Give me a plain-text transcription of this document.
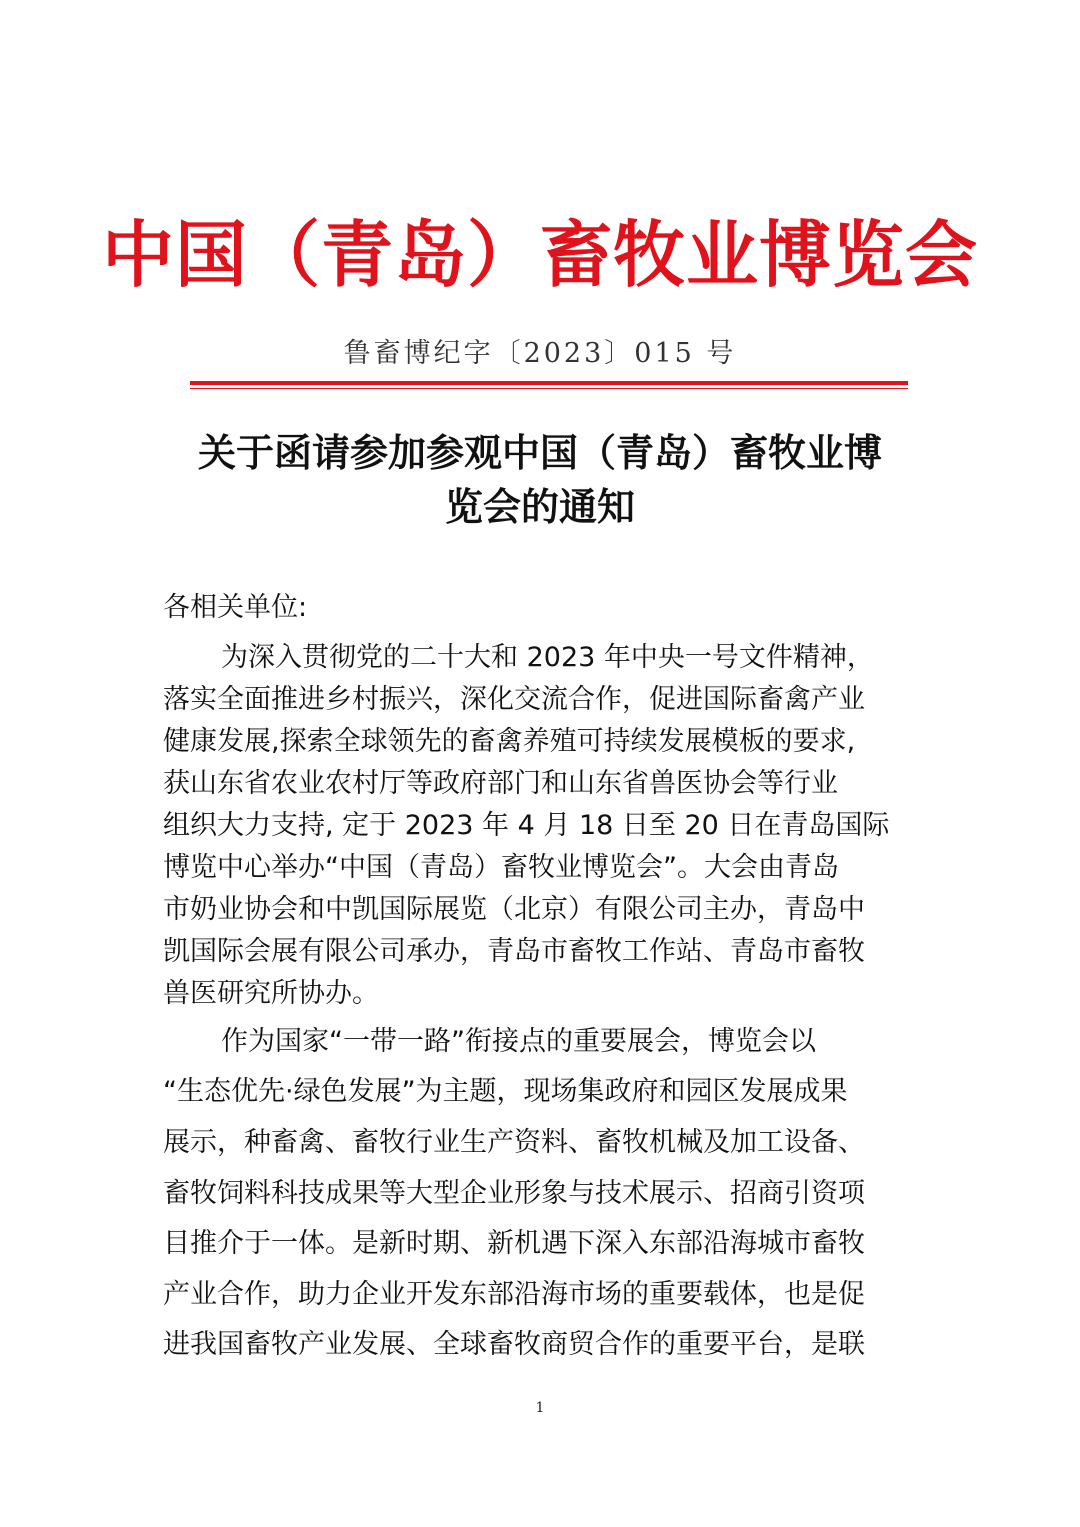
中国（青岛）畜牧业博览会
鲁畜博纪字〔2023〕015 号
关于函请参加参观中国（青岛）畜牧业博
览会的通知
各相关单位:
为深入贯彻党的二十大和 2023 年中央一号文件精神，
落实全面推进乡村振兴，深化交流合作，促进国际畜禽产业
健康发展,探索全球领先的畜禽养殖可持续发展模板的要求,
获山东省农业农村厅等政府部门和山东省兽医协会等行业
组织大力支持, 定于 2023 年 4 月 18 日至 20 日在青岛国际
博览中心举办“中国（青岛）畜牧业博览会”。大会由青岛
市奶业协会和中凯国际展览（北京）有限公司主办，青岛中
凯国际会展有限公司承办，青岛市畜牧工作站、青岛市畜牧
兽医研究所协办。
作为国家“一带一路”衔接点的重要展会，博览会以
“生态优先·绿色发展”为主题，现场集政府和园区发展成果
展示，种畜禽、畜牧行业生产资料、畜牧机械及加工设备、
畜牧饲料科技成果等大型企业形象与技术展示、招商引资项
目推介于一体。是新时期、新机遇下深入东部沿海城市畜牧
产业合作，助力企业开发东部沿海市场的重要载体，也是促
进我国畜牧产业发展、全球畜牧商贸合作的重要平台，是联
1
